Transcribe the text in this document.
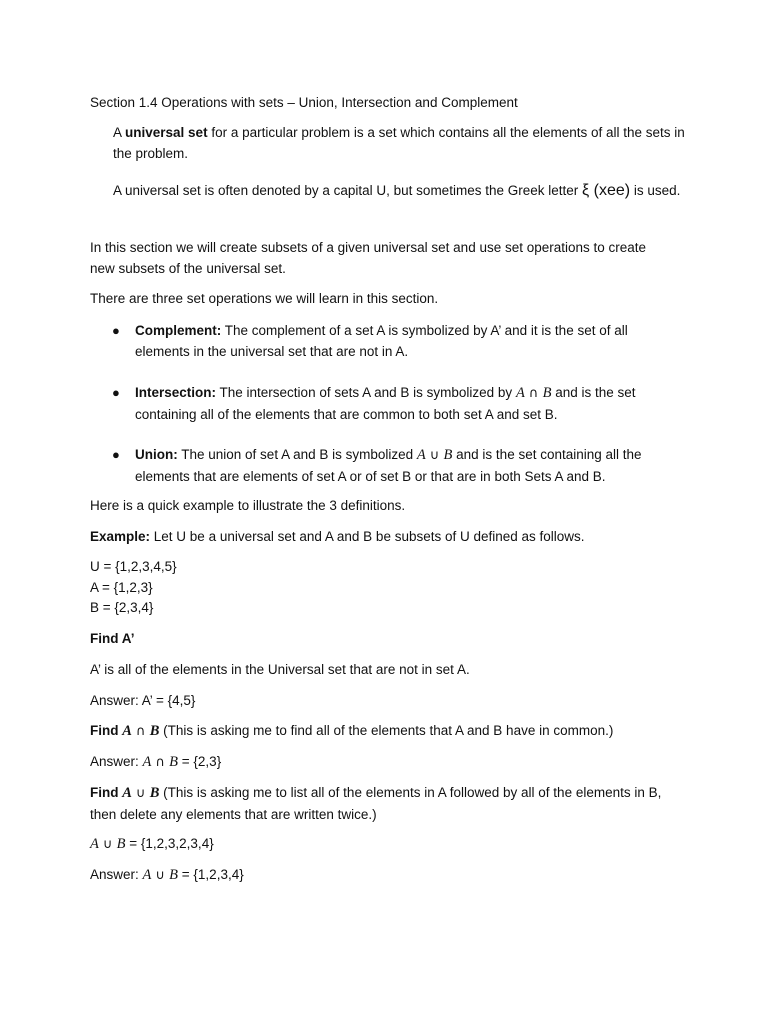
Section 1.4 Operations with sets – Union, Intersection and Complement

A universal set for a particular problem is a set which contains all the elements of all the sets in the problem.

A universal set is often denoted by a capital U, but sometimes the Greek letter ξ (xee) is used.

In this section we will create subsets of a given universal set and use set operations to create new subsets of the universal set.

There are three set operations we will learn in this section.

● Complement: The complement of a set A is symbolized by A’ and it is the set of all elements in the universal set that are not in A.

● Intersection: The intersection of sets A and B is symbolized by A ∩ B and is the set containing all of the elements that are common to both set A and set B.

● Union: The union of set A and B is symbolized A ∪ B and is the set containing all the elements that are elements of set A or of set B or that are in both Sets A and B.

Here is a quick example to illustrate the 3 definitions.

Example: Let U be a universal set and A and B be subsets of U defined as follows.

U = {1,2,3,4,5}
A = {1,2,3}
B = {2,3,4}

Find A’

A’ is all of the elements in the Universal set that are not in set A.

Answer: A’ = {4,5}

Find A ∩ B (This is asking me to find all of the elements that A and B have in common.)

Answer: A ∩ B = {2,3}

Find A ∪ B (This is asking me to list all of the elements in A followed by all of the elements in B, then delete any elements that are written twice.)

A ∪ B = {1,2,3,2,3,4}

Answer: A ∪ B = {1,2,3,4}
